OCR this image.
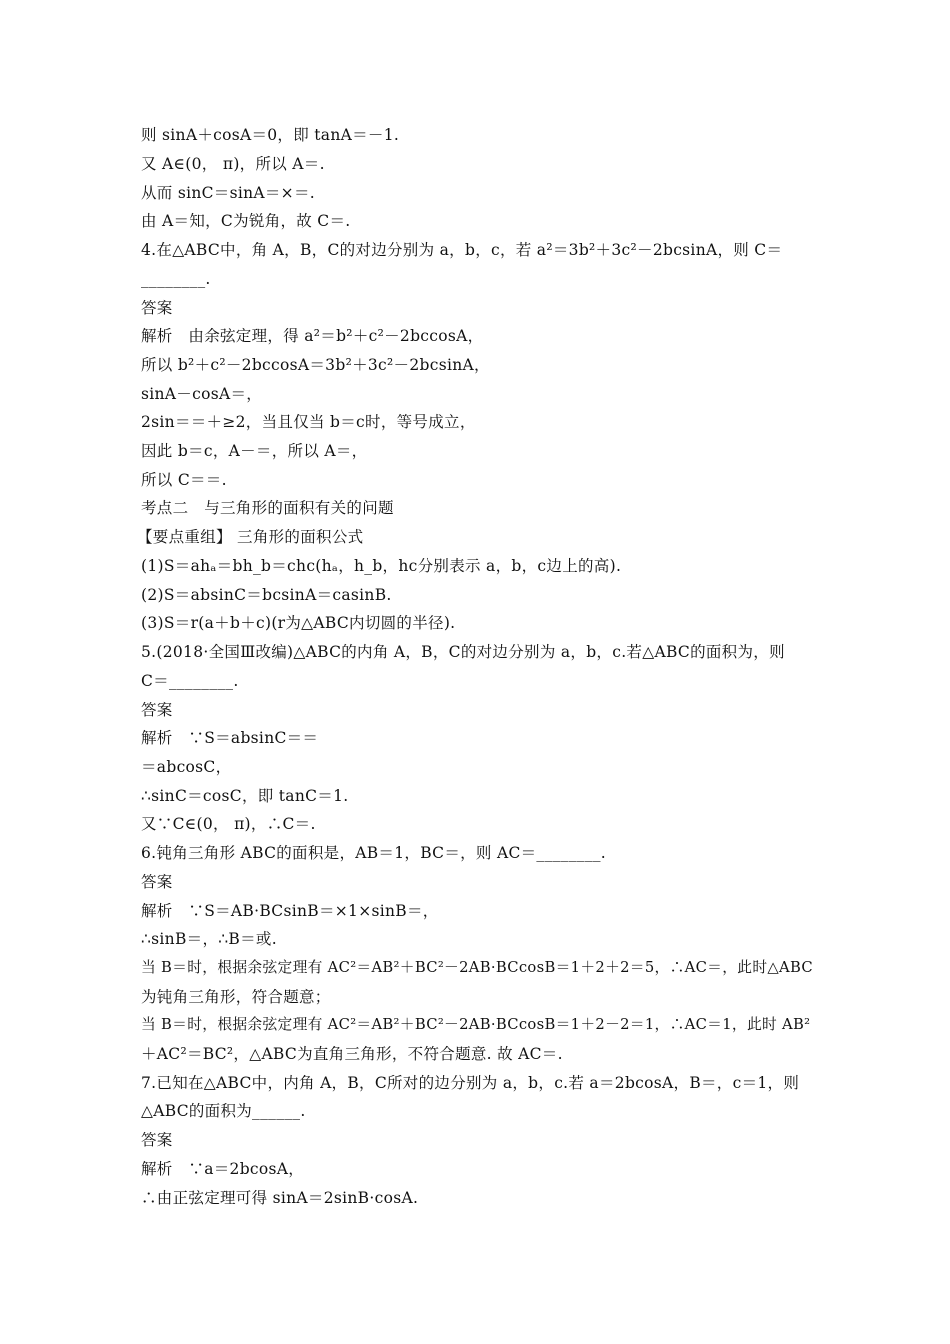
则 sinA＋cosA＝0，即 tanA＝－1.
又 A∈(0， π)，所以 A＝.
从而 sinC＝sinA＝×＝.
由 A＝知，C为锐角，故 C＝.
4.在△ABC中，角 A，B，C的对边分别为 a，b，c，若 a²＝3b²＋3c²－2bcsinA，则 C＝
________.
答案
解析　由余弦定理，得 a²＝b²＋c²－2bccosA，
所以 b²＋c²－2bccosA＝3b²＋3c²－2bcsinA，
sinA－cosA＝，
2sin＝＝＋≥2，当且仅当 b＝c时，等号成立，
因此 b＝c，A－＝，所以 A＝，
所以 C＝＝.
考点二　与三角形的面积有关的问题
【要点重组】 三角形的面积公式
(1)S＝ahₐ＝bh_b＝chc(hₐ，h_b，hc分别表示 a，b，c边上的高).
(2)S＝absinC＝bcsinA＝casinB.
(3)S＝r(a＋b＋c)(r为△ABC内切圆的半径).
5.(2018·全国Ⅲ改编)△ABC的内角 A，B，C的对边分别为 a，b，c.若△ABC的面积为，则
C＝________.
答案
解析　∵S＝absinC＝＝
＝abcosC，
∴sinC＝cosC，即 tanC＝1.
又∵C∈(0， π)，∴C＝.
6.钝角三角形 ABC的面积是，AB＝1，BC＝，则 AC＝________.
答案
解析　∵S＝AB·BCsinB＝×1×sinB＝，
∴sinB＝，∴B＝或.
当 B＝时，根据余弦定理有 AC²＝AB²＋BC²－2AB·BCcosB＝1＋2＋2＝5，∴AC＝，此时△ABC
为钝角三角形，符合题意；
当 B＝时，根据余弦定理有 AC²＝AB²＋BC²－2AB·BCcosB＝1＋2－2＝1，∴AC＝1，此时 AB²
＋AC²＝BC²，△ABC为直角三角形，不符合题意. 故 AC＝.
7.已知在△ABC中，内角 A，B，C所对的边分别为 a，b，c.若 a＝2bcosA，B＝，c＝1，则
△ABC的面积为______.
答案
解析　∵a＝2bcosA，
∴由正弦定理可得 sinA＝2sinB·cosA.
